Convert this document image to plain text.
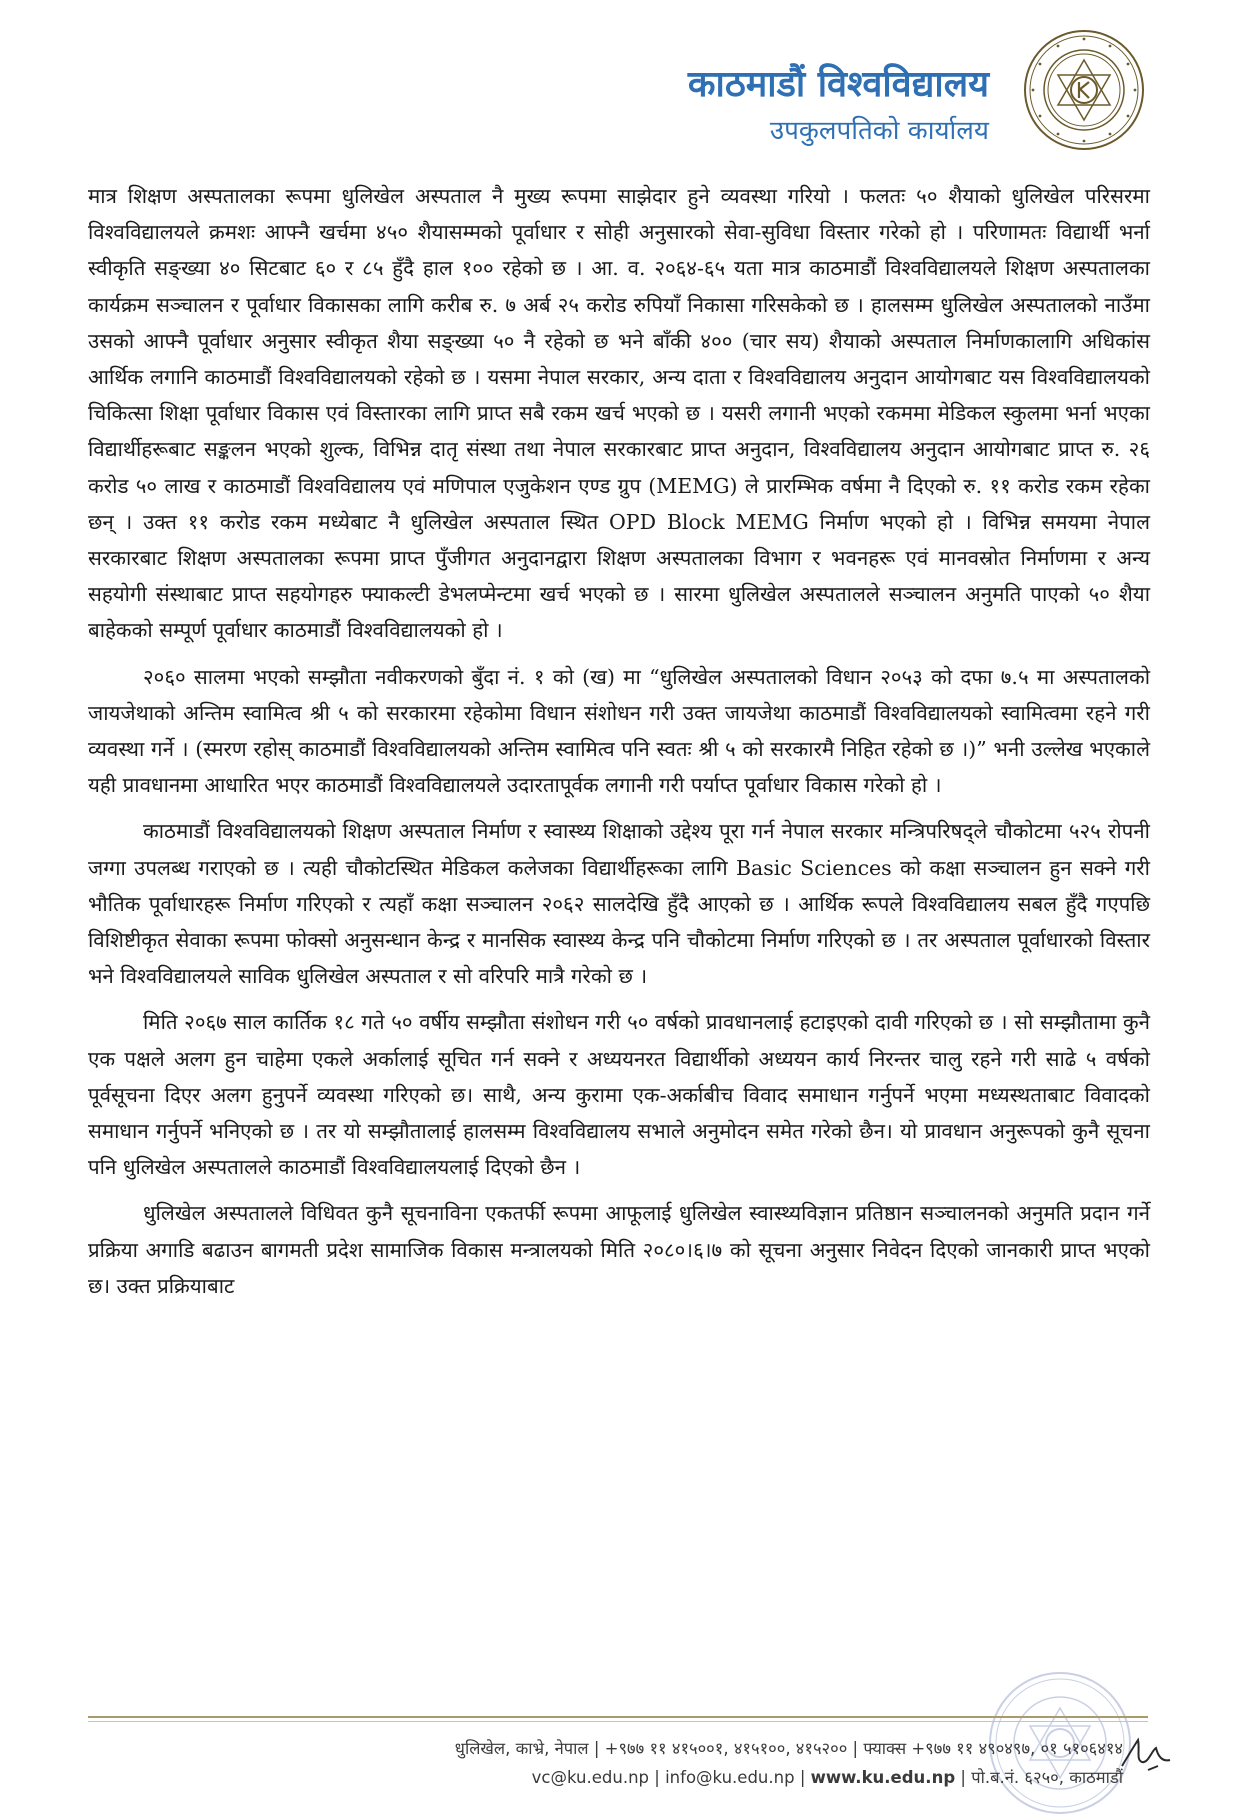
काठमाडौं विश्वविद्यालय
उपकुलपतिको कार्यालय

मात्र शिक्षण अस्पतालका रूपमा धुलिखेल अस्पताल नै मुख्य रूपमा साझेदार हुने व्यवस्था गरियो । फलतः ५० शैयाको धुलिखेल परिसरमा विश्वविद्यालयले क्रमशः आफ्नै खर्चमा ४५० शैयासम्मको पूर्वाधार र सोही अनुसारको सेवा-सुविधा विस्तार गरेको हो । परिणामतः विद्यार्थी भर्ना स्वीकृति सङ्ख्या ४० सिटबाट ६० र ८५ हुँदै हाल १०० रहेको छ । आ. व. २०६४-६५ यता मात्र काठमाडौं विश्वविद्यालयले शिक्षण अस्पतालका कार्यक्रम सञ्चालन र पूर्वाधार विकासका लागि करीब रु. ७ अर्ब २५ करोड रुपियाँ निकासा गरिसकेको छ । हालसम्म धुलिखेल अस्पतालको नाउँमा उसको आफ्नै पूर्वाधार अनुसार स्वीकृत शैया सङ्ख्या ५० नै रहेको छ भने बाँकी ४०० (चार सय) शैयाको अस्पताल निर्माणकालागि अधिकांस आर्थिक लगानि काठमाडौं विश्वविद्यालयको रहेको छ । यसमा नेपाल सरकार, अन्य दाता र विश्वविद्यालय अनुदान आयोगबाट यस विश्वविद्यालयको चिकित्सा शिक्षा पूर्वाधार विकास एवं विस्तारका लागि प्राप्त सबै रकम खर्च भएको छ । यसरी लगानी भएको रकममा मेडिकल स्कुलमा भर्ना भएका विद्यार्थीहरूबाट सङ्कलन भएको शुल्क, विभिन्न दातृ संस्था तथा नेपाल सरकारबाट प्राप्त अनुदान, विश्वविद्यालय अनुदान आयोगबाट प्राप्त रु. २६ करोड ५० लाख र काठमाडौं विश्वविद्यालय एवं मणिपाल एजुकेशन एण्ड ग्रुप (MEMG) ले प्रारम्भिक वर्षमा नै दिएको रु. ११ करोड रकम रहेका छन् । उक्त ११ करोड रकम मध्येबाट नै धुलिखेल अस्पताल स्थित OPD Block MEMG निर्माण भएको हो । विभिन्न समयमा नेपाल सरकारबाट शिक्षण अस्पतालका रूपमा प्राप्त पुँजीगत अनुदानद्वारा शिक्षण अस्पतालका विभाग र भवनहरू एवं मानवस्रोत निर्माणमा र अन्य सहयोगी संस्थाबाट प्राप्त सहयोगहरु फ्याकल्टी डेभलप्मेन्टमा खर्च भएको छ । सारमा धुलिखेल अस्पतालले सञ्चालन अनुमति पाएको ५० शैया बाहेकको सम्पूर्ण पूर्वाधार काठमाडौं विश्वविद्यालयको हो ।

२०६० सालमा भएको सम्झौता नवीकरणको बुँदा नं. १ को (ख) मा “धुलिखेल अस्पतालको विधान २०५३ को दफा ७.५ मा अस्पतालको जायजेथाको अन्तिम स्वामित्व श्री ५ को सरकारमा रहेकोमा विधान संशोधन गरी उक्त जायजेथा काठमाडौं विश्वविद्यालयको स्वामित्वमा रहने गरी व्यवस्था गर्ने । (स्मरण रहोस् काठमाडौं विश्वविद्यालयको अन्तिम स्वामित्व पनि स्वतः श्री ५ को सरकारमै निहित रहेको छ ।)” भनी उल्लेख भएकाले यही प्रावधानमा आधारित भएर काठमाडौं विश्वविद्यालयले उदारतापूर्वक लगानी गरी पर्याप्त पूर्वाधार विकास गरेको हो ।

काठमाडौं विश्वविद्यालयको शिक्षण अस्पताल निर्माण र स्वास्थ्य शिक्षाको उद्देश्य पूरा गर्न नेपाल सरकार मन्त्रिपरिषद्ले चौकोटमा ५२५ रोपनी जग्गा उपलब्ध गराएको छ । त्यही चौकोटस्थित मेडिकल कलेजका विद्यार्थीहरूका लागि Basic Sciences को कक्षा सञ्चालन हुन सक्ने गरी भौतिक पूर्वाधारहरू निर्माण गरिएको र त्यहाँ कक्षा सञ्चालन २०६२ सालदेखि हुँदै आएको छ । आर्थिक रूपले विश्वविद्यालय सबल हुँदै गएपछि विशिष्टीकृत सेवाका रूपमा फोक्सो अनुसन्धान केन्द्र र मानसिक स्वास्थ्य केन्द्र पनि चौकोटमा निर्माण गरिएको छ । तर अस्पताल पूर्वाधारको विस्तार भने विश्वविद्यालयले साविक धुलिखेल अस्पताल र सो वरिपरि मात्रै गरेको छ ।

मिति २०६७ साल कार्तिक १८ गते ५० वर्षीय सम्झौता संशोधन गरी ५० वर्षको प्रावधानलाई हटाइएको दावी गरिएको छ । सो सम्झौतामा कुनै एक पक्षले अलग हुन चाहेमा एकले अर्कालाई सूचित गर्न सक्ने र अध्ययनरत विद्यार्थीको अध्ययन कार्य निरन्तर चालु रहने गरी साढे ५ वर्षको पूर्वसूचना दिएर अलग हुनुपर्ने व्यवस्था गरिएको छ। साथै, अन्य कुरामा एक-अर्काबीच विवाद समाधान गर्नुपर्ने भएमा मध्यस्थताबाट विवादको समाधान गर्नुपर्ने भनिएको छ । तर यो सम्झौतालाई हालसम्म विश्वविद्यालय सभाले अनुमोदन समेत गरेको छैन। यो प्रावधान अनुरूपको कुनै सूचना पनि धुलिखेल अस्पतालले काठमाडौं विश्वविद्यालयलाई दिएको छैन ।

धुलिखेल अस्पतालले विधिवत कुनै सूचनाविना एकतर्फी रूपमा आफूलाई धुलिखेल स्वास्थ्यविज्ञान प्रतिष्ठान सञ्चालनको अनुमति प्रदान गर्ने प्रक्रिया अगाडि बढाउन बागमती प्रदेश सामाजिक विकास मन्त्रालयको मिति २०८०।६।७ को सूचना अनुसार निवेदन दिएको जानकारी प्राप्त भएको छ। उक्त प्रक्रियाबाट

धुलिखेल, काभ्रे, नेपाल | +९७७ ११ ४१५००१, ४१५१००, ४१५२०० | फ्याक्स +९७७ ११ ४९०४९७, ०१ ५१०६४१४
vc@ku.edu.np | info@ku.edu.np | www.ku.edu.np | पो.ब.नं. ६२५०, काठमाडौं
